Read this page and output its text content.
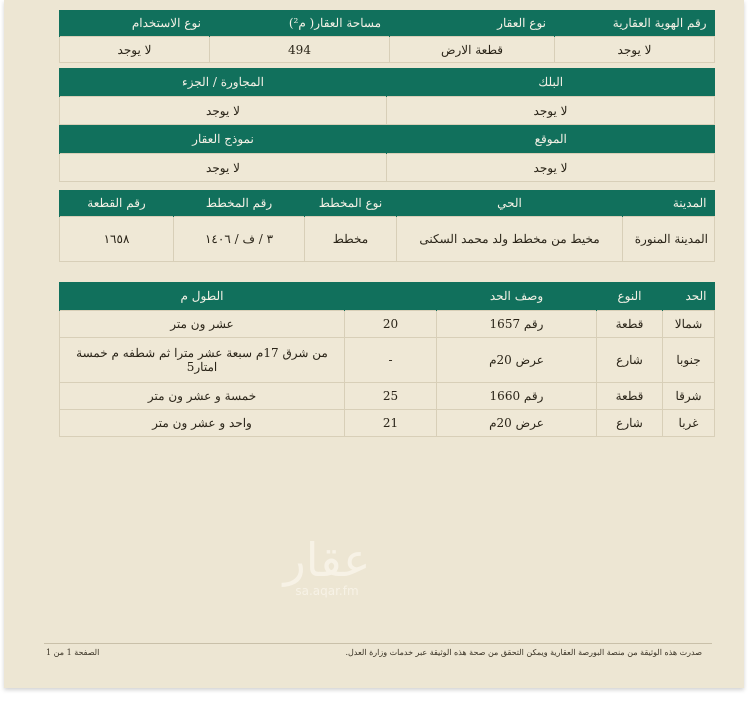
رقم الهوية العقارية	نوع العقار	مساحة العقار( م²)	نوع الاستخدام
لا يوجد	قطعة الارض	494	لا يوجد
البلك	المجاورة / الجزء
لا يوجد	لا يوجد
الموقع	نموذج العقار
لا يوجد	لا يوجد
المدينة	الحي	نوع المخطط	رقم المخطط	رقم القطعة
المدينة المنورة	مخيط من مخطط ولد محمد السكنى	مخطط	٣ / ف / ١٤٠٦	١٦٥٨
الحد	النوع	وصف الحد		الطول م
شمالا	قطعة	رقم 1657	20	عشر ون متر
جنوبا	شارع	عرض 20م	-	من شرق 17م سبعة عشر مترا ثم شطفه م خمسة امتار5
شرقا	قطعة	رقم 1660	25	خمسة و عشر ون متر
غربا	شارع	عرض 20م	21	واحد و عشر ون متر
عقار
sa.aqar.fm
صدرت هذه الوثيقة من منصة البورصة العقارية ويمكن التحقق من صحة هذه الوثيقة عبر خدمات وزارة العدل.
الصفحة 1 من 1
